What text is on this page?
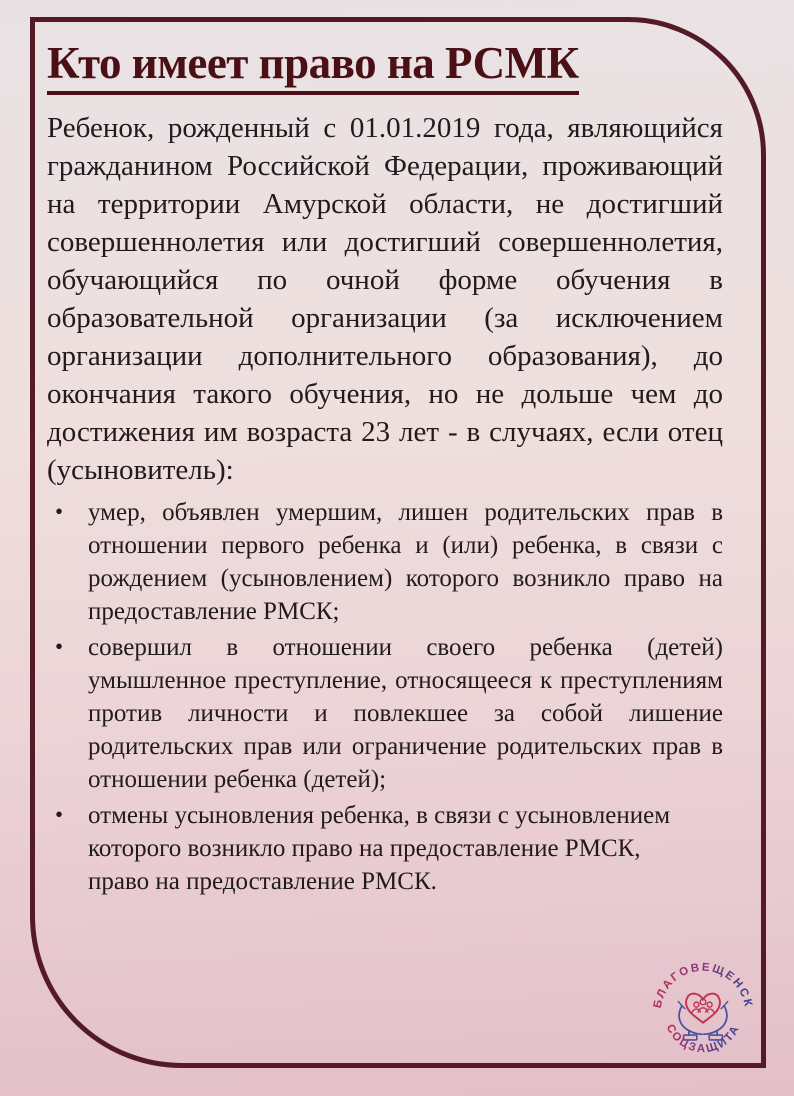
Кто имеет право на РСМК

Ребенок, рожденный с 01.01.2019 года, являющийся гражданином Российской Федерации, проживающий на территории Амурской области, не достигший совершеннолетия или достигший совершеннолетия, обучающийся по очной форме обучения в образовательной организации (за исключением организации дополнительного образования), до окончания такого обучения, но не дольше чем до достижения им возраста 23 лет - в случаях, если отец (усыновитель):

• умер, объявлен умершим, лишен родительских прав в отношении первого ребенка и (или) ребенка, в связи с рождением (усыновлением) которого возникло право на предоставление РМСК;
• совершил в отношении своего ребенка (детей) умышленное преступление, относящееся к преступлениям против личности и повлекшее за собой лишение родительских прав или ограничение родительских прав в отношении ребенка (детей);
• отмены усыновления ребенка, в связи с усыновлением которого возникло право на предоставление РМСК, право на предоставление РМСК.
БЛАГОВЕЩЕНСК
СОЦЗАЩИТА
